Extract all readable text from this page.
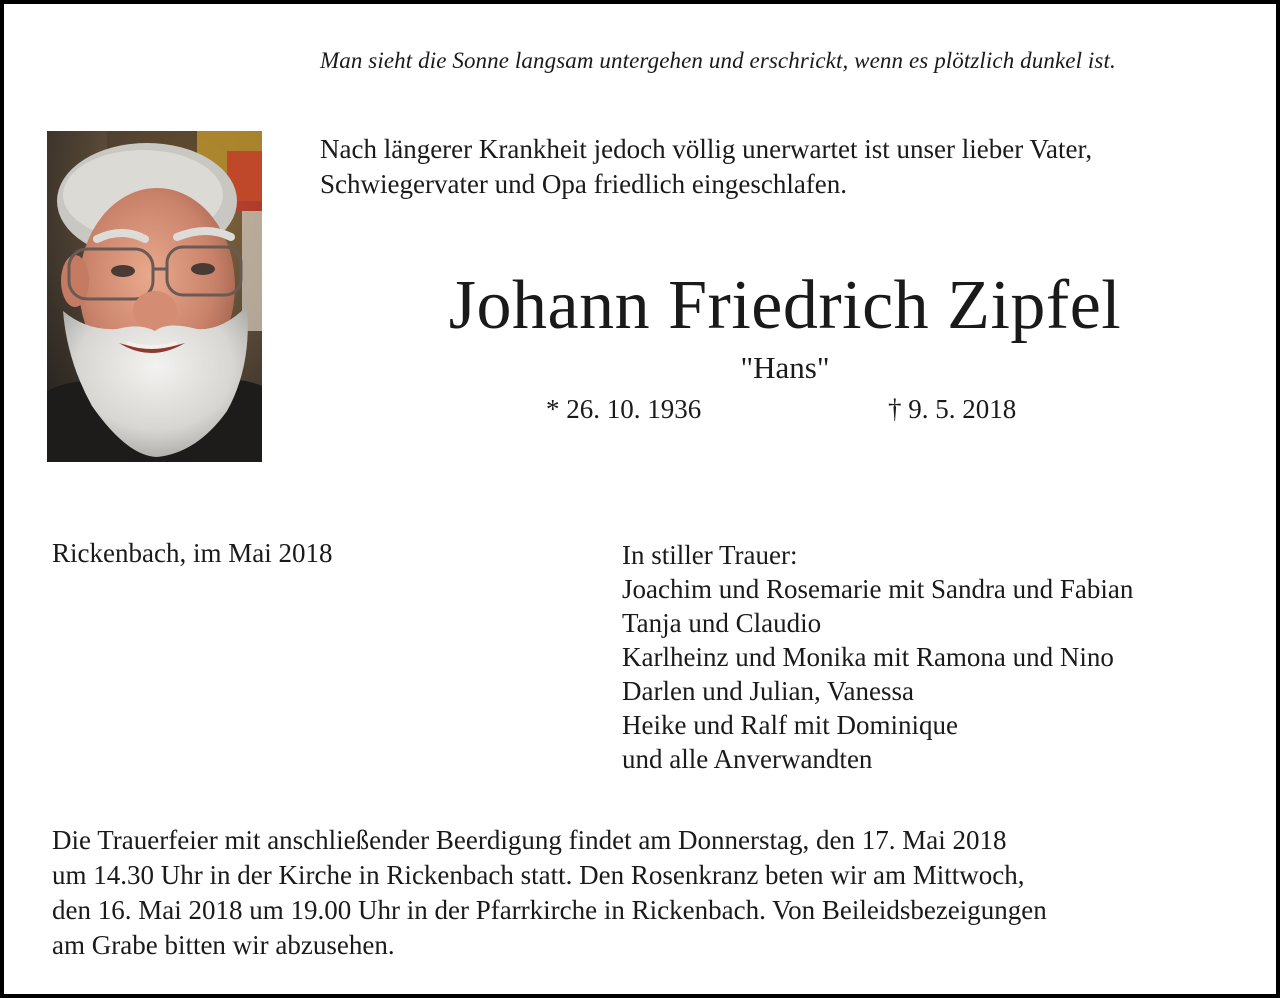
Man sieht die Sonne langsam untergehen und erschrickt, wenn es plötzlich dunkel ist.
Nach längerer Krankheit jedoch völlig unerwartet ist unser lieber Vater,
Schwiegervater und Opa friedlich eingeschlafen.
Johann Friedrich Zipfel
"Hans"
* 26. 10. 1936	† 9. 5. 2018
Rickenbach, im Mai 2018	In stiller Trauer:
Joachim und Rosemarie mit Sandra und Fabian
Tanja und Claudio
Karlheinz und Monika mit Ramona und Nino
Darlen und Julian, Vanessa
Heike und Ralf mit Dominique
und alle Anverwandten
Die Trauerfeier mit anschließender Beerdigung findet am Donnerstag, den 17. Mai 2018
um 14.30 Uhr in der Kirche in Rickenbach statt. Den Rosenkranz beten wir am Mittwoch,
den 16. Mai 2018 um 19.00 Uhr in der Pfarrkirche in Rickenbach. Von Beileidsbezeigungen
am Grabe bitten wir abzusehen.
